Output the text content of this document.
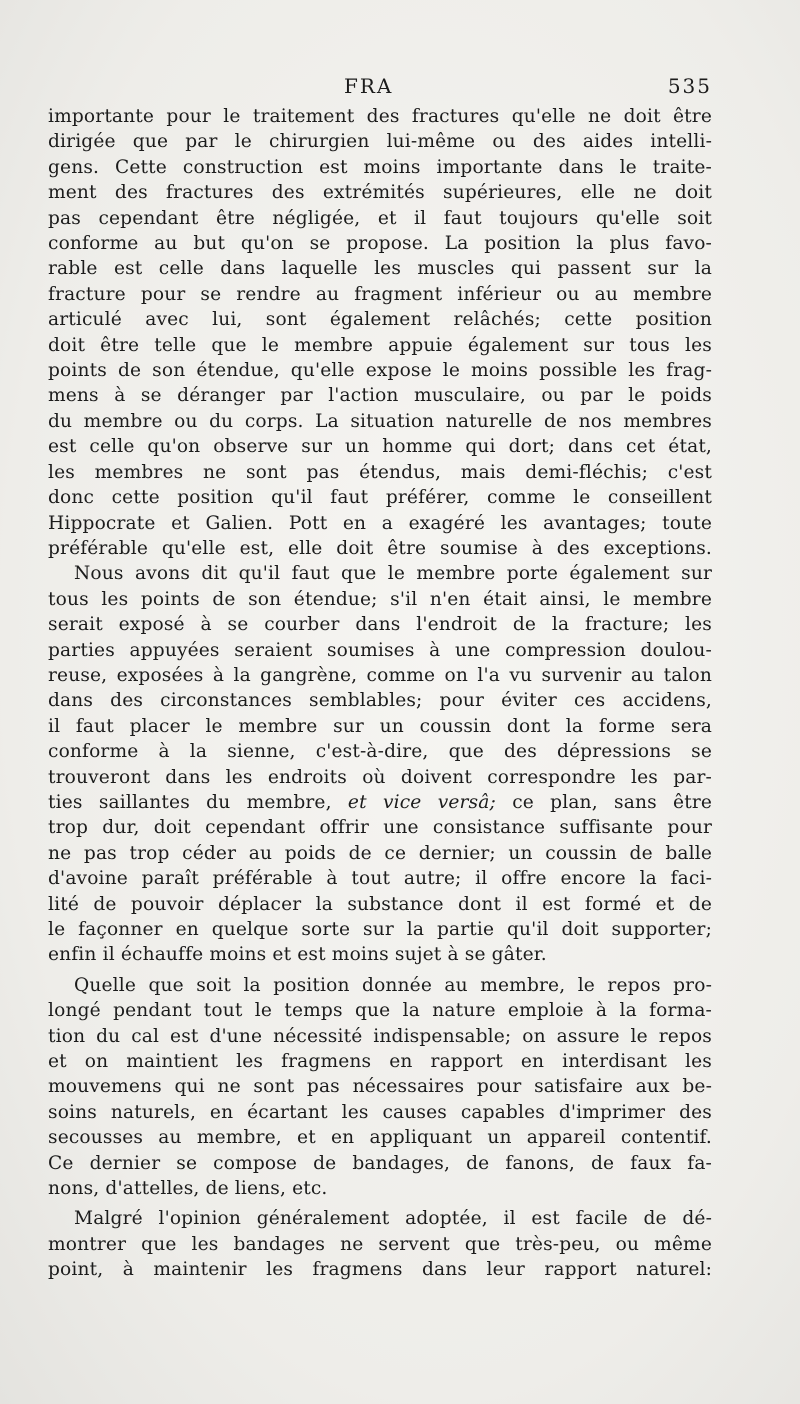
FRA	535
importante pour le traitement des fractures qu'elle ne doit être
dirigée que par le chirurgien lui-même ou des aides intelli-
gens. Cette construction est moins importante dans le traite-
ment des fractures des extrémités supérieures, elle ne doit
pas cependant être négligée, et il faut toujours qu'elle soit
conforme au but qu'on se propose. La position la plus favo-
rable est celle dans laquelle les muscles qui passent sur la
fracture pour se rendre au fragment inférieur ou au membre
articulé avec lui, sont également relâchés; cette position
doit être telle que le membre appuie également sur tous les
points de son étendue, qu'elle expose le moins possible les frag-
mens à se déranger par l'action musculaire, ou par le poids
du membre ou du corps. La situation naturelle de nos membres
est celle qu'on observe sur un homme qui dort; dans cet état,
les membres ne sont pas étendus, mais demi-fléchis; c'est
donc cette position qu'il faut préférer, comme le conseillent
Hippocrate et Galien. Pott en a exagéré les avantages; toute
préférable qu'elle est, elle doit être soumise à des exceptions.
Nous avons dit qu'il faut que le membre porte également sur
tous les points de son étendue; s'il n'en était ainsi, le membre
serait exposé à se courber dans l'endroit de la fracture; les
parties appuyées seraient soumises à une compression doulou-
reuse, exposées à la gangrène, comme on l'a vu survenir au talon
dans des circonstances semblables; pour éviter ces accidens,
il faut placer le membre sur un coussin dont la forme sera
conforme à la sienne, c'est-à-dire, que des dépressions se
trouveront dans les endroits où doivent correspondre les par-
ties saillantes du membre, et vice versâ; ce plan, sans être
trop dur, doit cependant offrir une consistance suffisante pour
ne pas trop céder au poids de ce dernier; un coussin de balle
d'avoine paraît préférable à tout autre; il offre encore la faci-
lité de pouvoir déplacer la substance dont il est formé et de
le façonner en quelque sorte sur la partie qu'il doit supporter;
enfin il échauffe moins et est moins sujet à se gâter.
Quelle que soit la position donnée au membre, le repos pro-
longé pendant tout le temps que la nature emploie à la forma-
tion du cal est d'une nécessité indispensable; on assure le repos
et on maintient les fragmens en rapport en interdisant les
mouvemens qui ne sont pas nécessaires pour satisfaire aux be-
soins naturels, en écartant les causes capables d'imprimer des
secousses au membre, et en appliquant un appareil contentif.
Ce dernier se compose de bandages, de fanons, de faux fa-
nons, d'attelles, de liens, etc.
Malgré l'opinion généralement adoptée, il est facile de dé-
montrer que les bandages ne servent que très-peu, ou même
point, à maintenir les fragmens dans leur rapport naturel:
